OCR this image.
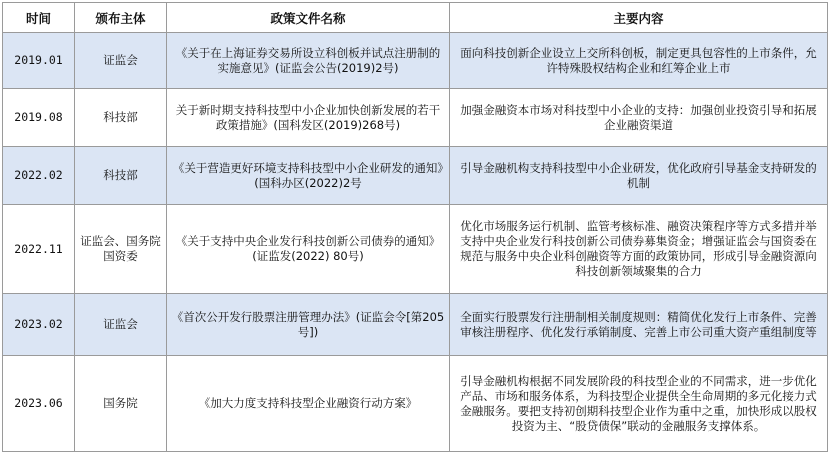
时间	颁布主体	政策文件名称	主要内容
2019.01	证监会	《关于在上海证券交易所设立科创板并试点注册制的实施意见》(证监会公告(2019)2号)	面向科技创新企业设立上交所科创板，制定更具包容性的上市条件，允许特殊股权结构企业和红筹企业上市
2019.08	科技部	关于新时期支持科技型中小企业加快创新发展的若干政策措施》(国科发区(2019)268号)	加强金融资本市场对科技型中小企业的支持：加强创业投资引导和拓展企业融资渠道
2022.02	科技部	《关于营造更好环境支持科技型中小企业研发的通知》(国科办区(2022)2号	引导金融机构支持科技型中小企业研发，优化政府引导基金支持研发的机制
2022.11	证监会、国务院国资委	《关于支持中央企业发行科技创新公司债券的通知》(证监发(2022) 80号)	优化市场服务运行机制、监管考核标准、融资决策程序等方式多措并举支持中央企业发行科技创新公司债券募集资金；增强证监会与国资委在规范与服务中央企业科创融资等方面的政策协同，形成引导金融资源向科技创新领域聚集的合力
2023.02	证监会	《首次公开发行股票注册管理办法》(证监会令[第205号])	全面实行股票发行注册制相关制度规则：精简优化发行上市条件、完善审核注册程序、优化发行承销制度、完善上市公司重大资产重组制度等
2023.06	国务院	《加大力度支持科技型企业融资行动方案》	引导金融机构根据不同发展阶段的科技型企业的不同需求，进一步优化产品、市场和服务体系，为科技型企业提供全生命周期的多元化接力式金融服务。要把支持初创期科技型企业作为重中之重，加快形成以股权投资为主、“股贷债保”联动的金融服务支撑体系。
